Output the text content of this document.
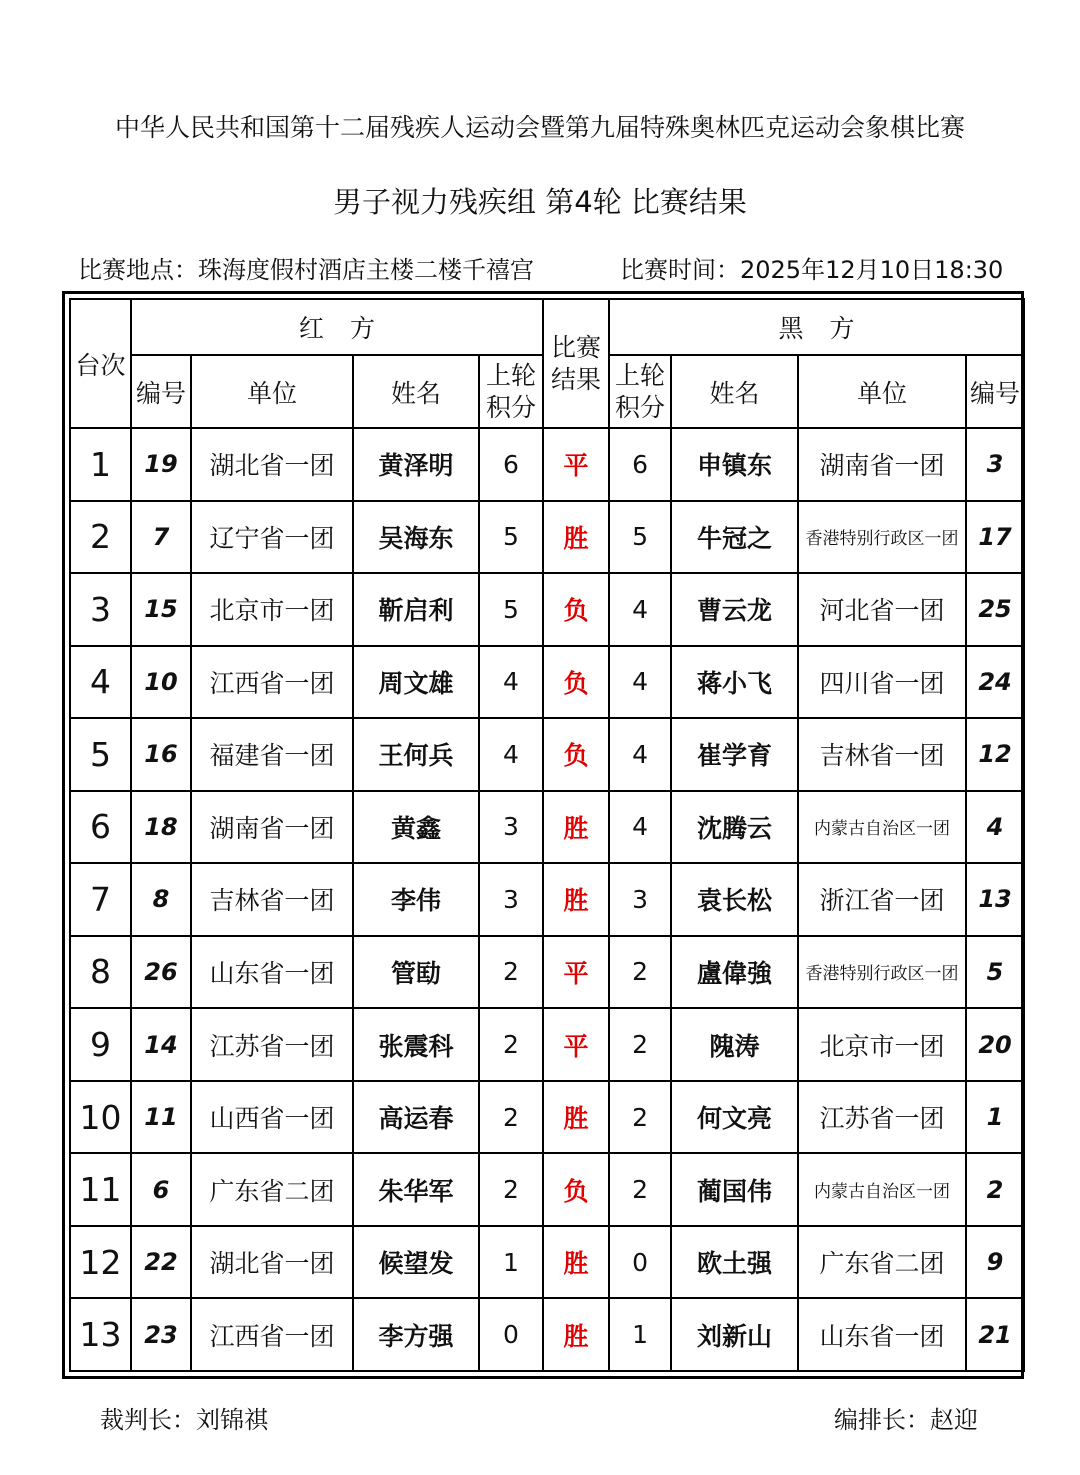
中华人民共和国第十二届残疾人运动会暨第九届特殊奥林匹克运动会象棋比赛
男子视力残疾组 第4轮 比赛结果
比赛地点：珠海度假村酒店主楼二楼千禧宫	比赛时间：2025年12月10日18:30
台次	红方				比赛结果	黑方			
	编号	单位	姓名	上轮积分		上轮积分	姓名	单位	编号
1	19	湖北省一团	黄泽明	6	平	6	申镇东	湖南省一团	3
2	7	辽宁省一团	吴海东	5	胜	5	牛冠之	香港特别行政区一团	17
3	15	北京市一团	靳启利	5	负	4	曹云龙	河北省一团	25
4	10	江西省一团	周文雄	4	负	4	蒋小飞	四川省一团	24
5	16	福建省一团	王何兵	4	负	4	崔学育	吉林省一团	12
6	18	湖南省一团	黄鑫	3	胜	4	沈腾云	内蒙古自治区一团	4
7	8	吉林省一团	李伟	3	胜	3	袁长松	浙江省一团	13
8	26	山东省一团	管劻	2	平	2	盧偉強	香港特别行政区一团	5
9	14	江苏省一团	张震科	2	平	2	隗涛	北京市一团	20
10	11	山西省一团	高运春	2	胜	2	何文亮	江苏省一团	1
11	6	广东省二团	朱华军	2	负	2	蔺国伟	内蒙古自治区一团	2
12	22	湖北省一团	候望发	1	胜	0	欧土强	广东省二团	9
13	23	江西省一团	李方强	0	胜	1	刘新山	山东省一团	21
裁判长：刘锦祺	编排长：赵迎
